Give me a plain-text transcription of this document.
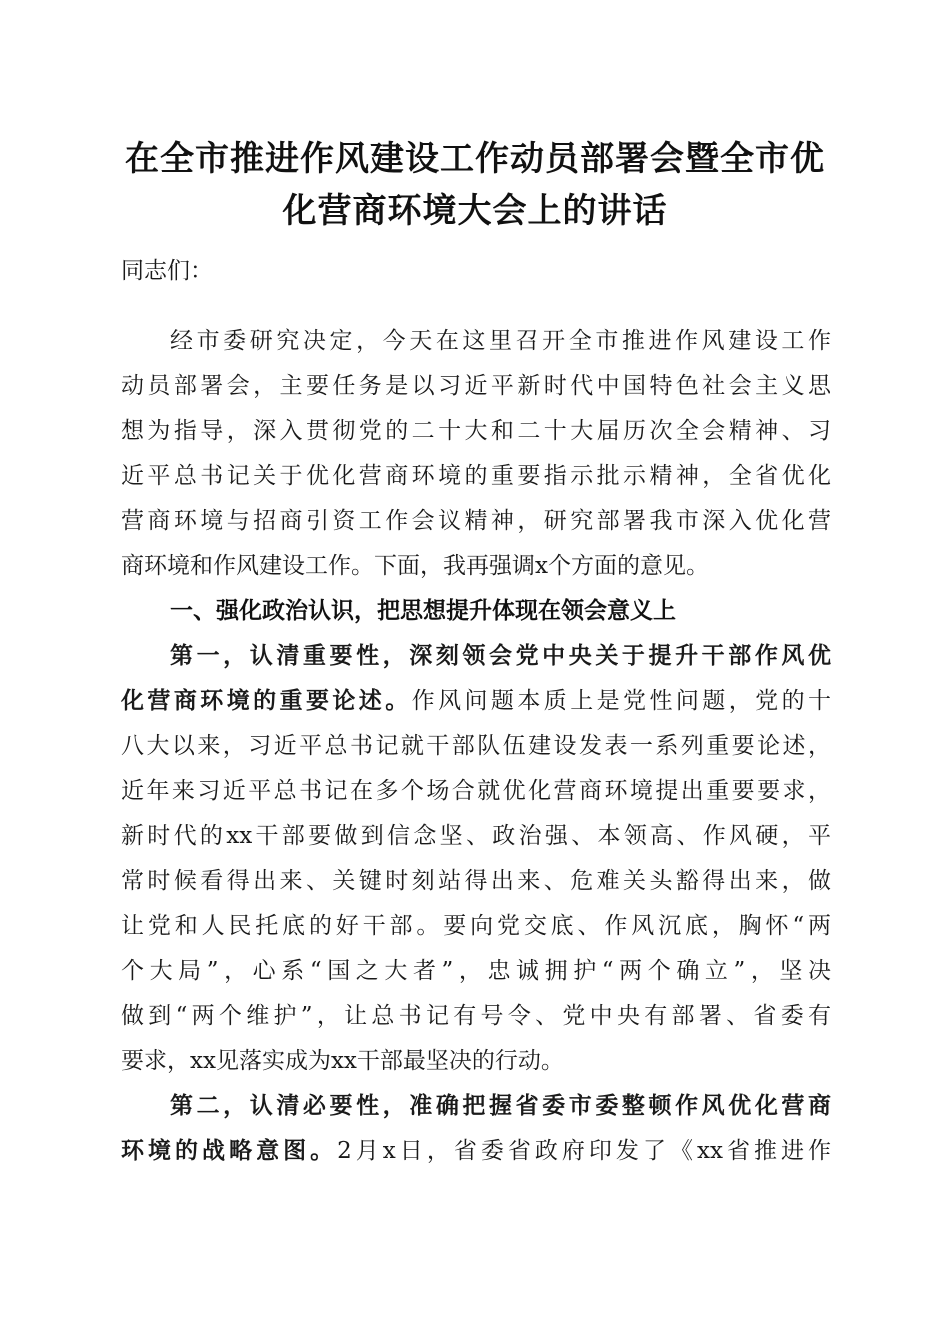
在全市推进作风建设工作动员部署会暨全市优
化营商环境大会上的讲话
同志们：
经市委研究决定，今天在这里召开全市推进作风建设工作
动员部署会，主要任务是以习近平新时代中国特色社会主义思
想为指导，深入贯彻党的二十大和二十大届历次全会精神、习
近平总书记关于优化营商环境的重要指示批示精神，全省优化
营商环境与招商引资工作会议精神，研究部署我市深入优化营
商环境和作风建设工作。下面，我再强调x个方面的意见。
一、强化政治认识，把思想提升体现在领会意义上
第一，认清重要性，深刻领会党中央关于提升干部作风优
化营商环境的重要论述。作风问题本质上是党性问题，党的十
八大以来，习近平总书记就干部队伍建设发表一系列重要论述，
近年来习近平总书记在多个场合就优化营商环境提出重要要求，
新时代的xx干部要做到信念坚、政治强、本领高、作风硬，平
常时候看得出来、关键时刻站得出来、危难关头豁得出来，做
让党和人民托底的好干部。要向党交底、作风沉底，胸怀“两
个大局”，心系“国之大者”，忠诚拥护“两个确立”，坚决
做到“两个维护”，让总书记有号令、党中央有部署、省委有
要求，xx见落实成为xx干部最坚决的行动。
第二，认清必要性，准确把握省委市委整顿作风优化营商
环境的战略意图。2月x日，省委省政府印发了《xx省推进作
